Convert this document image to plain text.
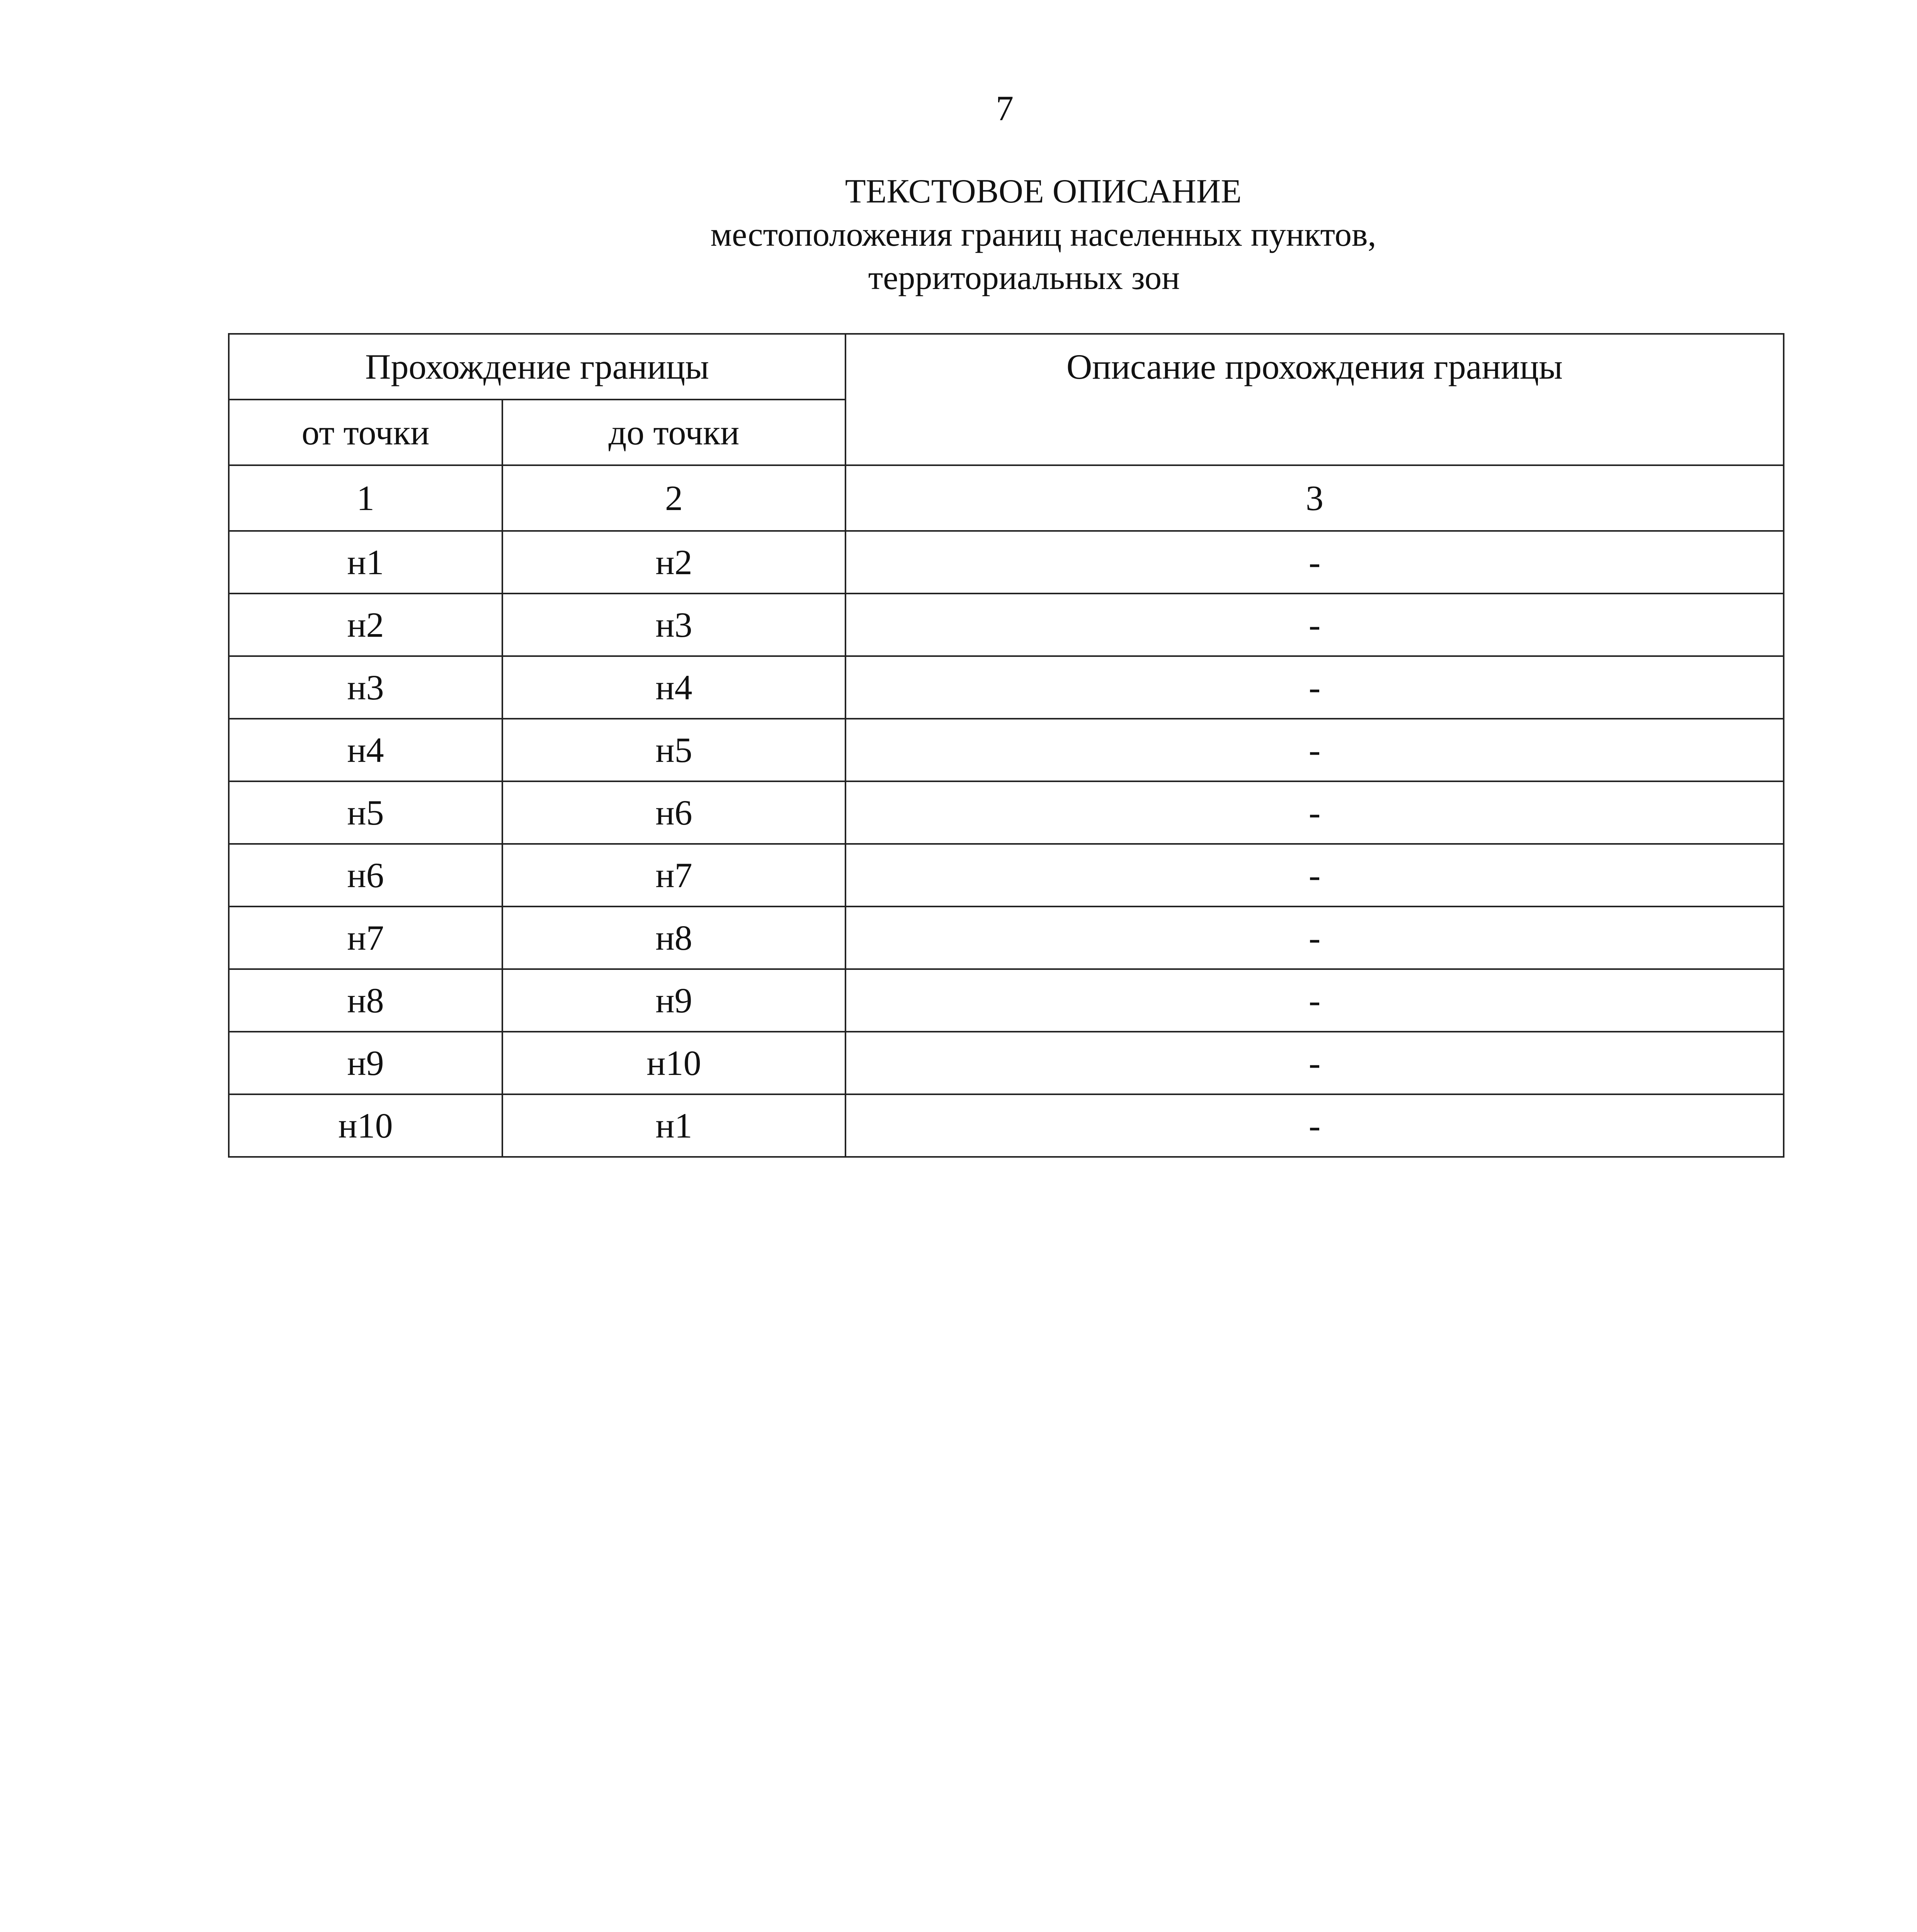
7
ТЕКСТОВОЕ ОПИСАНИЕ
местоположения границ населенных пунктов,
территориальных зон
Прохождение границы		Описание прохождения границы
от точки	до точки	
1	2	3
н1	н2	-
н2	н3	-
н3	н4	-
н4	н5	-
н5	н6	-
н6	н7	-
н7	н8	-
н8	н9	-
н9	н10	-
н10	н1	-
